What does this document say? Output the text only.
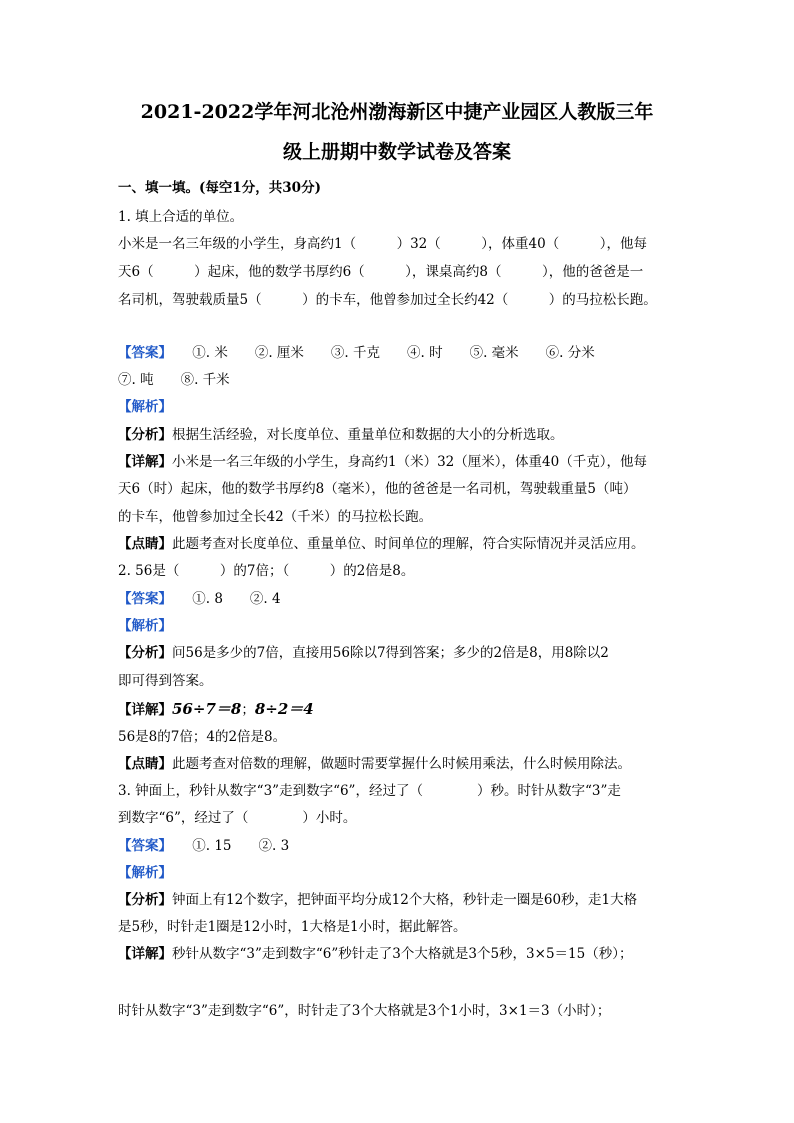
2021-2022学年河北沧州渤海新区中捷产业园区人教版三年
级上册期中数学试卷及答案
一、填一填。(每空1分，共30分)
1. 填上合适的单位。
小米是一名三年级的小学生，身高约1（　　　）32（　　　），体重40（　　　），他每
天6（　　　）起床，他的数学书厚约6（　　　），课桌高约8（　　　），他的爸爸是一
名司机，驾驶载质量5（　　　）的卡车，他曾参加过全长约42（　　　）的马拉松长跑。
【答案】　　①. 米　　②. 厘米　　③. 千克　　④. 时　　⑤. 毫米　　⑥. 分米
⑦. 吨　　⑧. 千米
【解析】
【分析】根据生活经验，对长度单位、重量单位和数据的大小的分析选取。
【详解】小米是一名三年级的小学生，身高约1（米）32（厘米），体重40（千克），他每
天6（时）起床，他的数学书厚约8（毫米），他的爸爸是一名司机，驾驶载重量5（吨）
的卡车，他曾参加过全长42（千米）的马拉松长跑。
【点睛】此题考查对长度单位、重量单位、时间单位的理解，符合实际情况并灵活应用。
2. 56是（　　　）的7倍；（　　　）的2倍是8。
【答案】　　①. 8　　②. 4
【解析】
【分析】问56是多少的7倍，直接用56除以7得到答案；多少的2倍是8，用8除以2
即可得到答案。
【详解】56÷7＝8；8÷2＝4
56是8的7倍；4的2倍是8。
【点睛】此题考查对倍数的理解，做题时需要掌握什么时候用乘法，什么时候用除法。
3. 钟面上，秒针从数字“3”走到数字“6”，经过了（　　　　）秒。时针从数字“3”走
到数字“6”，经过了（　　　　）小时。
【答案】　　①. 15　　②. 3
【解析】
【分析】钟面上有12个数字，把钟面平均分成12个大格，秒针走一圈是60秒，走1大格
是5秒，时针走1圈是12小时，1大格是1小时，据此解答。
【详解】秒针从数字“3”走到数字“6”秒针走了3个大格就是3个5秒，3×5＝15（秒）；
时针从数字“3”走到数字“6”，时针走了3个大格就是3个1小时，3×1＝3（小时）；
